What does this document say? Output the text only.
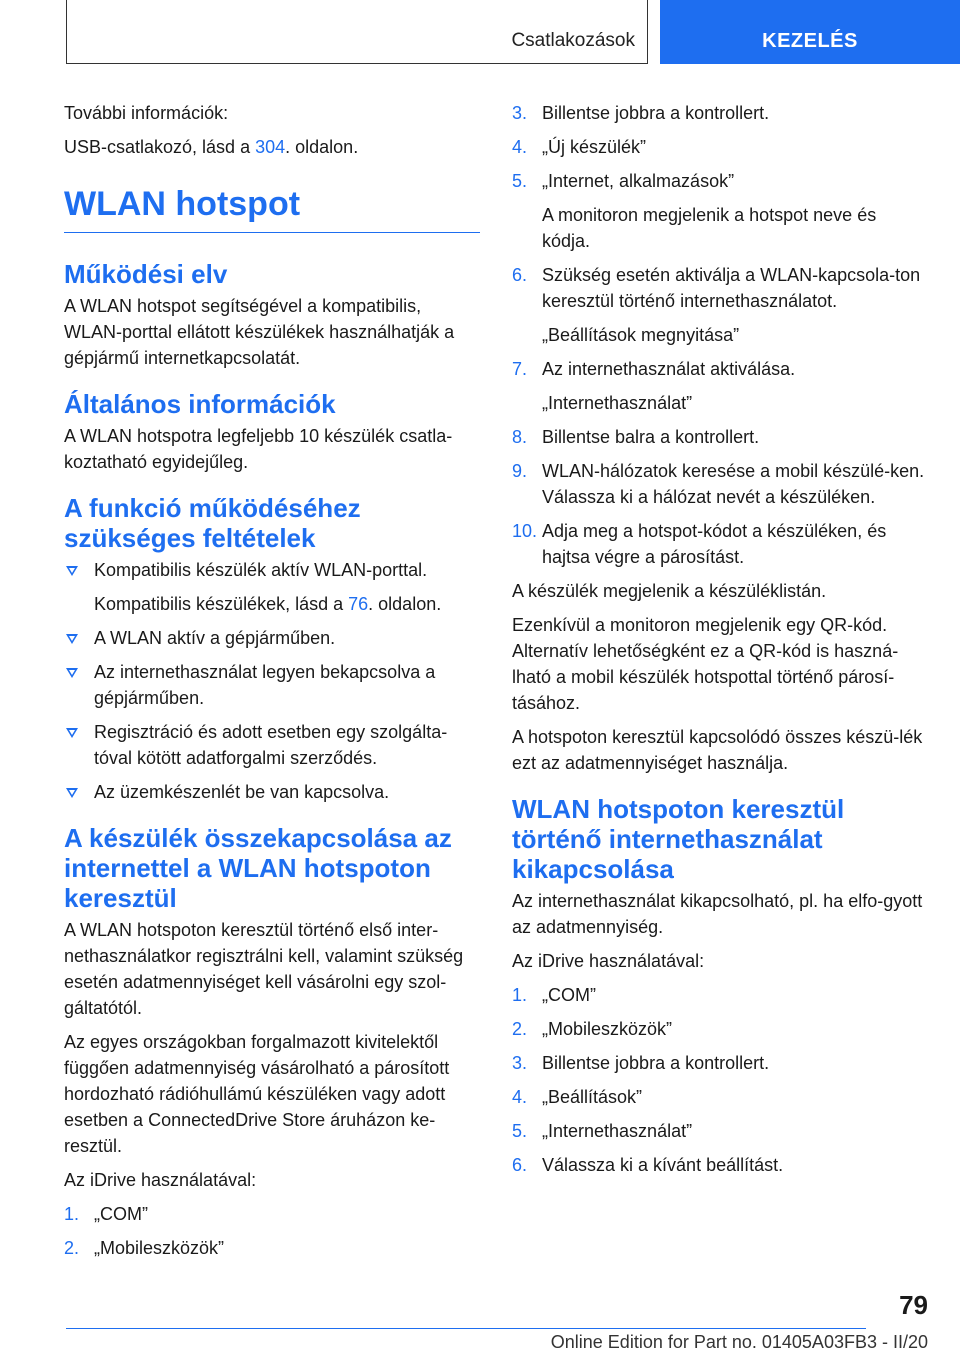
Csatlakozások	KEZELÉS

További információk:

USB-csatlakozó, lásd a 304. oldalon.

WLAN hotspot
Működési elv

A WLAN hotspot segítségével a kompatibilis, WLAN-porttal ellátott készülékek használhatják a gépjármű internetkapcsolatát.

Általános információk

A WLAN hotspotra legfeljebb 10 készülék csatla-koztatható egyidejűleg.

A funkció működéséhez szükséges feltételek

Kompatibilis készülék aktív WLAN-porttal.

Kompatibilis készülékek, lásd a 76. oldalon.

A WLAN aktív a gépjárműben.

Az internethasználat legyen bekapcsolva a gépjárműben.

Regisztráció és adott esetben egy szolgálta-tóval kötött adatforgalmi szerződés.

Az üzemkészenlét be van kapcsolva.

A készülék összekapcsolása az internettel a WLAN hotspoton keresztül

A WLAN hotspoton keresztül történő első inter-nethasználatkor regisztrálni kell, valamint szükség esetén adatmennyiséget kell vásárolni egy szol-gáltatótól.

Az egyes országokban forgalmazott kivitelektől függően adatmennyiség vásárolható a párosított hordozható rádióhullámú készüléken vagy adott esetben a ConnectedDrive Store áruházon ke-resztül.

Az iDrive használatával:

1. „COM”

2. „Mobileszközök”

3. Billentse jobbra a kontrollert.

4. „Új készülék”

5. „Internet, alkalmazások”

A monitoron megjelenik a hotspot neve és kódja.

6. Szükség esetén aktiválja a WLAN-kapcsola-ton keresztül történő internethasználatot.

„Beállítások megnyitása”

7. Az internethasználat aktiválása.

„Internethasználat”

8. Billentse balra a kontrollert.

9. WLAN-hálózatok keresése a mobil készülé-ken. Válassza ki a hálózat nevét a készüléken.

10. Adja meg a hotspot-kódot a készüléken, és hajtsa végre a párosítást.

A készülék megjelenik a készüléklistán.

Ezenkívül a monitoron megjelenik egy QR-kód. Alternatív lehetőségként ez a QR-kód is haszná-lható a mobil készülék hotspottal történő párosí-tásához.

A hotspoton keresztül kapcsolódó összes készü-lék ezt az adatmennyiséget használja.

WLAN hotspoton keresztül történő internethasználat kikapcsolása

Az internethasználat kikapcsolható, pl. ha elfo-gyott az adatmennyiség.

Az iDrive használatával:

1. „COM”

2. „Mobileszközök”

3. Billentse jobbra a kontrollert.

4. „Beállítások”

5. „Internethasználat”

6. Válassza ki a kívánt beállítást.

79
Online Edition for Part no. 01405A03FB3 - II/20
